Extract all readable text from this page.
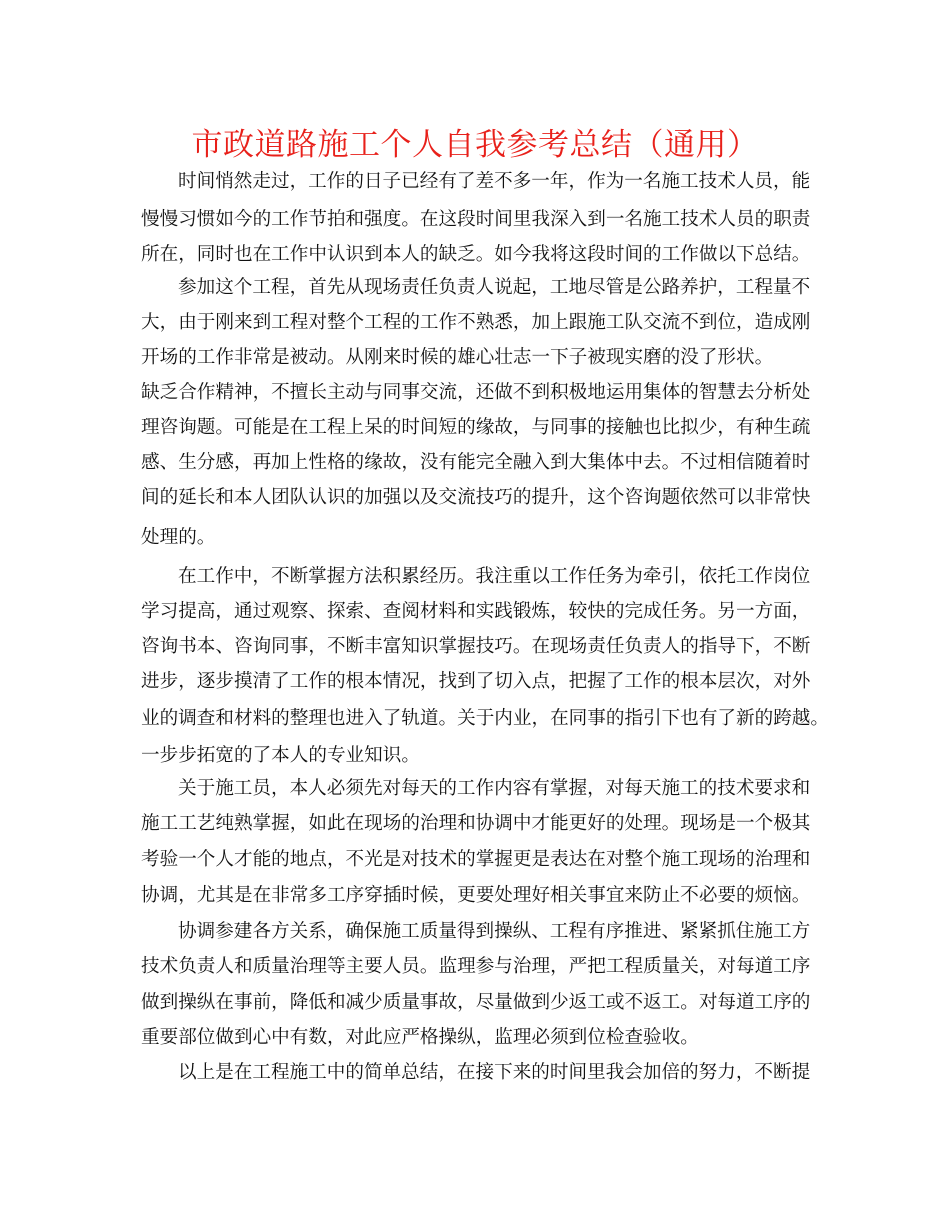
市政道路施工个人自我参考总结（通用）

时间悄然走过，工作的日子已经有了差不多一年，作为一名施工技术人员，能

慢慢习惯如今的工作节拍和强度。在这段时间里我深入到一名施工技术人员的职责

所在，同时也在工作中认识到本人的缺乏。如今我将这段时间的工作做以下总结。

参加这个工程，首先从现场责任负责人说起，工地尽管是公路养护，工程量不

大，由于刚来到工程对整个工程的工作不熟悉，加上跟施工队交流不到位，造成刚

开场的工作非常是被动。从刚来时候的雄心壮志一下子被现实磨的没了形状。

缺乏合作精神，不擅长主动与同事交流，还做不到积极地运用集体的智慧去分析处

理咨询题。可能是在工程上呆的时间短的缘故，与同事的接触也比拟少，有种生疏

感、生分感，再加上性格的缘故，没有能完全融入到大集体中去。不过相信随着时

间的延长和本人团队认识的加强以及交流技巧的提升，这个咨询题依然可以非常快

处理的。

在工作中，不断掌握方法积累经历。我注重以工作任务为牵引，依托工作岗位

学习提高，通过观察、探索、查阅材料和实践锻炼，较快的完成任务。另一方面，

咨询书本、咨询同事，不断丰富知识掌握技巧。在现场责任负责人的指导下，不断

进步，逐步摸清了工作的根本情况，找到了切入点，把握了工作的根本层次，对外

业的调查和材料的整理也进入了轨道。关于内业，在同事的指引下也有了新的跨越。

一步步拓宽的了本人的专业知识。

关于施工员，本人必须先对每天的工作内容有掌握，对每天施工的技术要求和

施工工艺纯熟掌握，如此在现场的治理和协调中才能更好的处理。现场是一个极其

考验一个人才能的地点，不光是对技术的掌握更是表达在对整个施工现场的治理和

协调，尤其是在非常多工序穿插时候，更要处理好相关事宜来防止不必要的烦恼。

协调参建各方关系，确保施工质量得到操纵、工程有序推进、紧紧抓住施工方

技术负责人和质量治理等主要人员。监理参与治理，严把工程质量关，对每道工序

做到操纵在事前，降低和减少质量事故，尽量做到少返工或不返工。对每道工序的

重要部位做到心中有数，对此应严格操纵，监理必须到位检查验收。

以上是在工程施工中的简单总结，在接下来的时间里我会加倍的努力，不断提
